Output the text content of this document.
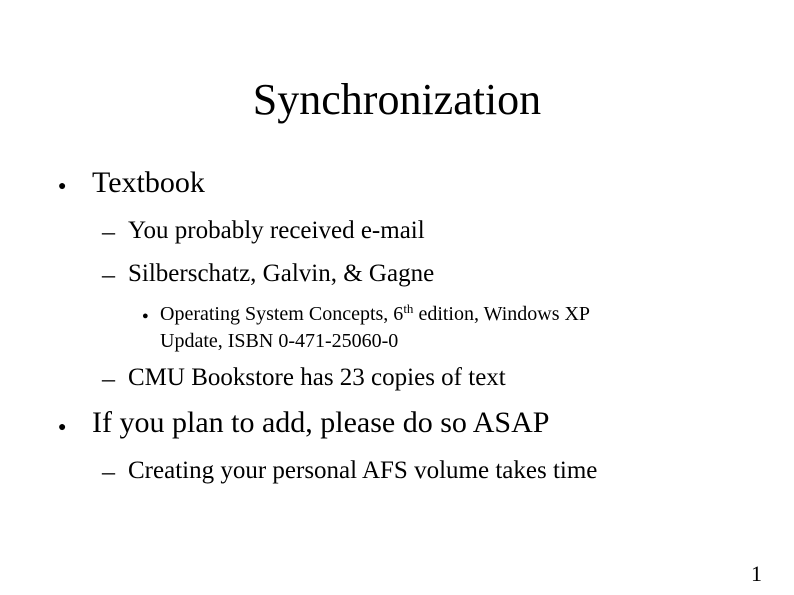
Synchronization
● Textbook
– You probably received e-mail
– Silberschatz, Galvin, & Gagne
● Operating System Concepts, 6th edition, Windows XP
Update, ISBN 0-471-25060-0
– CMU Bookstore has 23 copies of text
● If you plan to add, please do so ASAP
– Creating your personal AFS volume takes time
1
